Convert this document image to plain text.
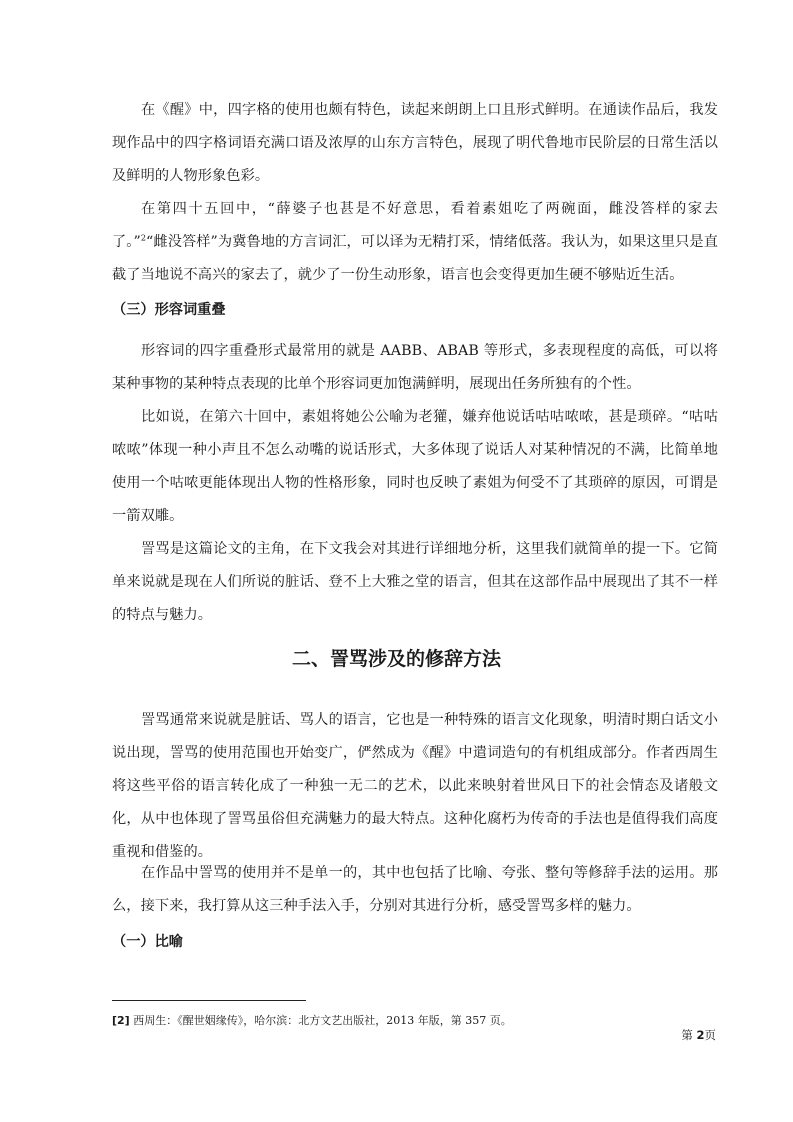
在《醒》中，四字格的使用也颇有特色，读起来朗朗上口且形式鲜明。在通读作品后，我发现作品中的四字格词语充满口语及浓厚的山东方言特色，展现了明代鲁地市民阶层的日常生活以及鲜明的人物形象色彩。

在第四十五回中，“薛婆子也甚是不好意思，看着素姐吃了两碗面，雌没答样的家去了。”$^2$“雌没答样”为冀鲁地的方言词汇，可以译为无精打采，情绪低落。我认为，如果这里只是直截了当地说不高兴的家去了，就少了一份生动形象，语言也会变得更加生硬不够贴近生活。

（三）形容词重叠

形容词的四字重叠形式最常用的就是 AABB、ABAB 等形式，多表现程度的高低，可以将某种事物的某种特点表现的比单个形容词更加饱满鲜明，展现出任务所独有的个性。

比如说，在第六十回中，素姐将她公公喻为老獾，嫌弃他说话咕咕哝哝，甚是琐碎。“咕咕哝哝”体现一种小声且不怎么动嘴的说话形式，大多体现了说话人对某种情况的不满，比简单地使用一个咕哝更能体现出人物的性格形象，同时也反映了素姐为何受不了其琐碎的原因，可谓是一箭双雕。

詈骂是这篇论文的主角，在下文我会对其进行详细地分析，这里我们就简单的提一下。它简单来说就是现在人们所说的脏话、登不上大雅之堂的语言，但其在这部作品中展现出了其不一样的特点与魅力。

二、詈骂涉及的修辞方法

詈骂通常来说就是脏话、骂人的语言，它也是一种特殊的语言文化现象，明清时期白话文小说出现，詈骂的使用范围也开始变广，俨然成为《醒》中遣词造句的有机组成部分。作者西周生将这些平俗的语言转化成了一种独一无二的艺术，以此来映射着世风日下的社会情态及诸般文化，从中也体现了詈骂虽俗但充满魅力的最大特点。这种化腐朽为传奇的手法也是值得我们高度重视和借鉴的。

在作品中詈骂的使用并不是单一的，其中也包括了比喻、夸张、整句等修辞手法的运用。那么，接下来，我打算从这三种手法入手，分别对其进行分析，感受詈骂多样的魅力。

（一）比喻

[2] 西周生：《醒世姻缘传》，哈尔滨：北方文艺出版社，2013 年版，第 357 页。

第 2页
